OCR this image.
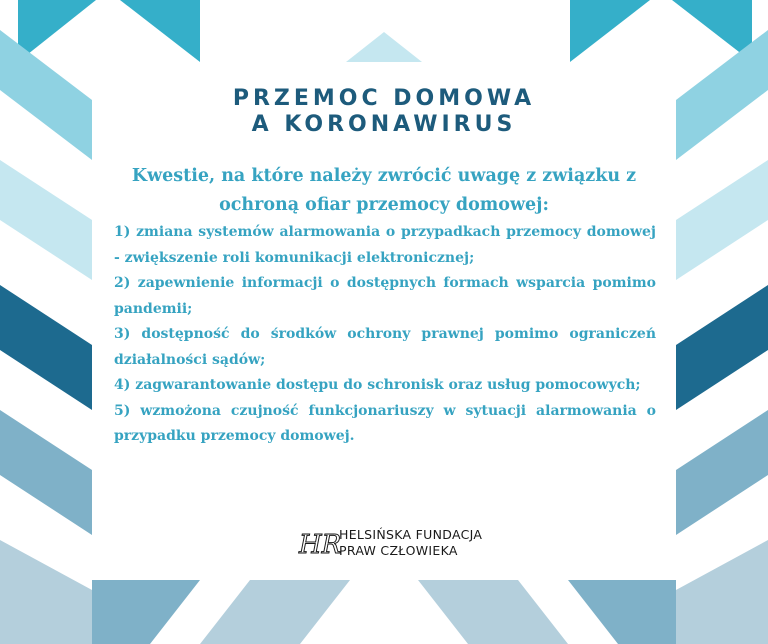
PRZEMOC DOMOWA
A KORONAWIRUS
Kwestie, na które należy zwrócić uwagę z związku z ochroną ofiar przemocy domowej:

1) zmiana systemów alarmowania o przypadkach przemocy domowej - zwiększenie roli komunikacji elektronicznej;

2) zapewnienie informacji o dostępnych formach wsparcia pomimo pandemii;

3) dostępność do środków ochrony prawnej pomimo ograniczeń działalności sądów;

4) zagwarantowanie dostępu do schronisk oraz usług pomocowych;

5) wzmożona czujność funkcjonariuszy w sytuacji alarmowania o przypadku przemocy domowej.

HR
HELSIŃSKA FUNDACJA
PRAW CZŁOWIEKA
